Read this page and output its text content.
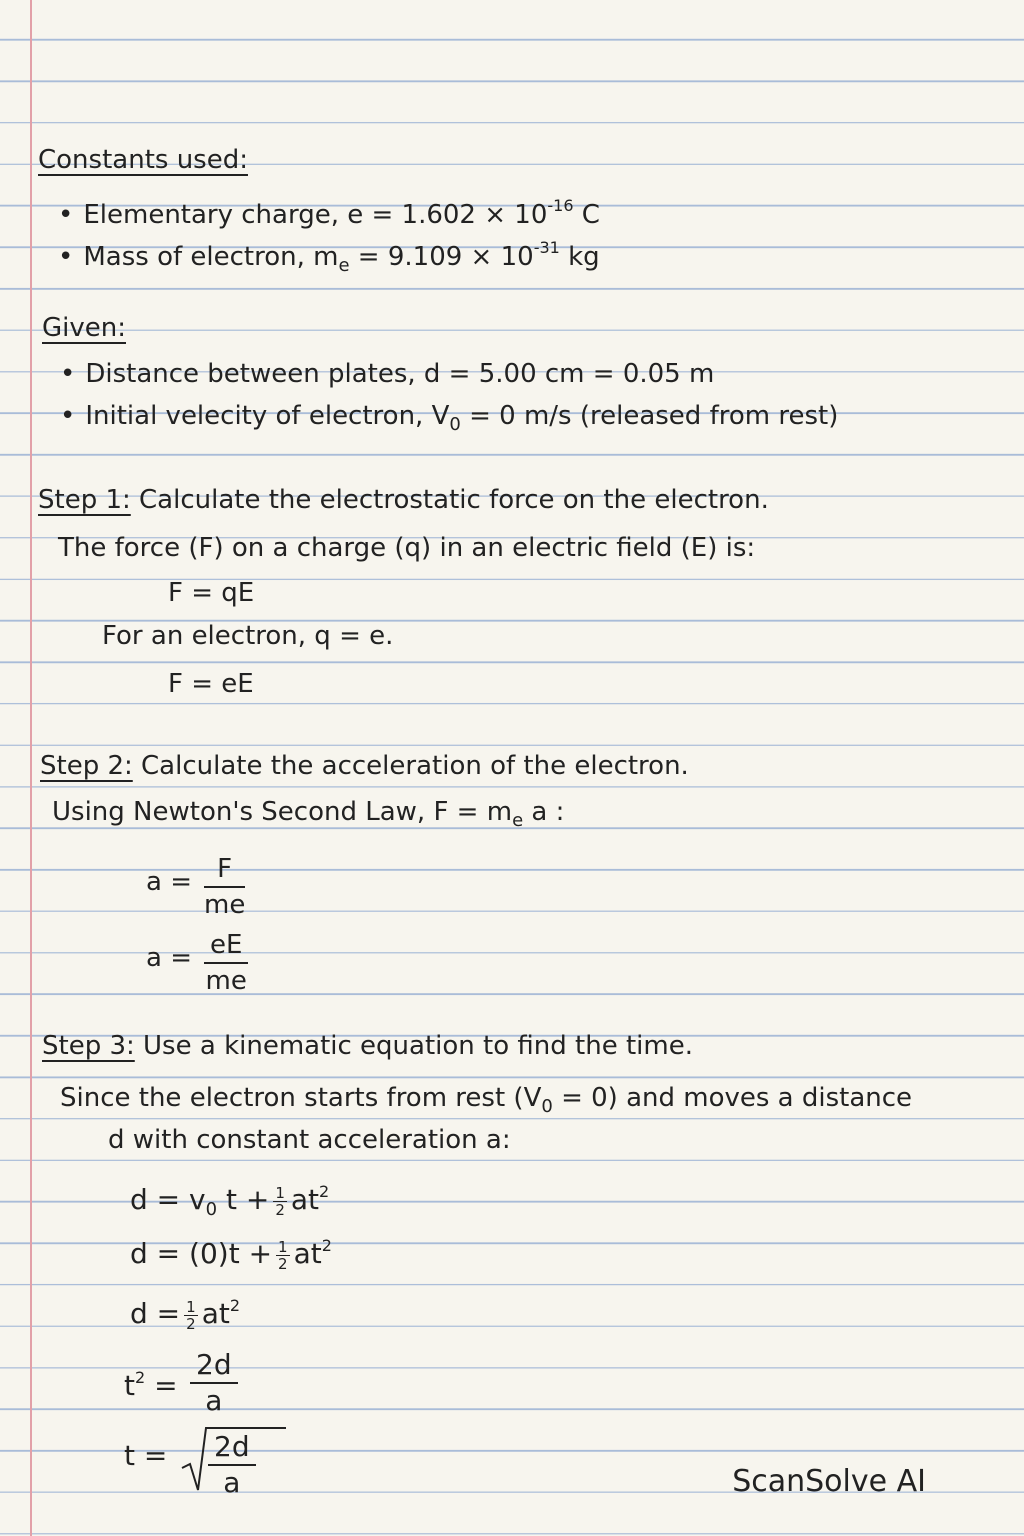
Constants used:
• Elementary charge, $e = 1.602 \times 10^{-16}$ C
• Mass of electron, $m_e = 9.109 \times 10^{-31}$ kg
Given:
• Distance between plates, d = 5.00 cm = 0.05 m
• Initial velecity of electron, $V_0 = 0$ m/s (released from rest)
Step 1: Calculate the electrostatic force on the electron.
The force (F) on a charge (q) in an electric field (E) is:
F = qE
For an electron, q = e.
F = eE
Step 2: Calculate the acceleration of the electron.
Using Newton's Second Law, $F = m_e$ a :
$a = \frac{F}{me}$
$a = \frac{eE}{me}$
Step 3: Use a kinematic equation to find the time.
Since the electron starts from rest $(V_0 = 0)$ and moves a distance
d with constant acceleration a:
$d = v_0$ $t + \frac{1}{2} at^2$
$d = (0)t + \frac{1}{2} at^2$
$d = \frac{1}{2} at^2$
$t^2 = \frac{2d}{a}$
$t = \frac{2d}{a}$	ScanSolve AI
